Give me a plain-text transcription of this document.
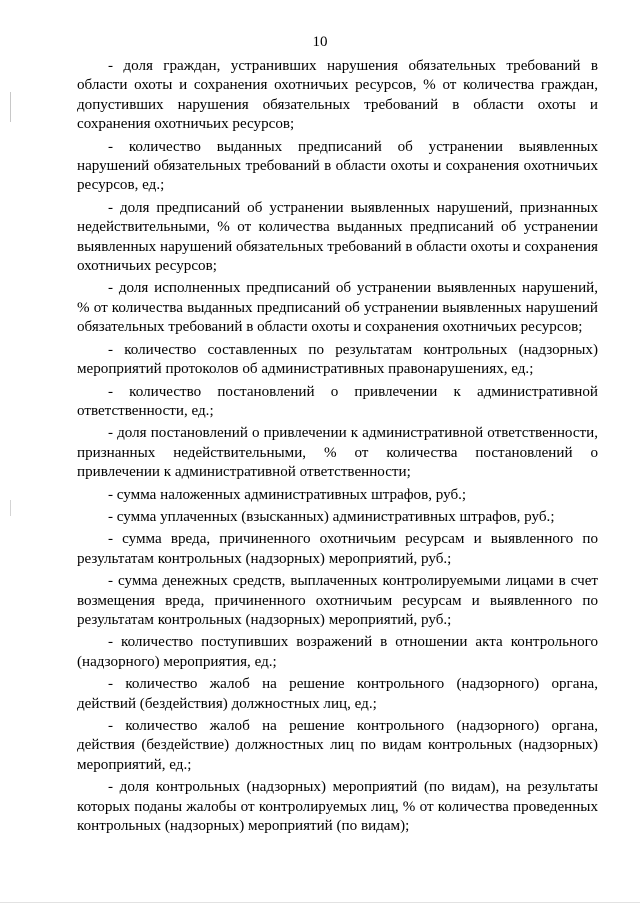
10

- доля граждан, устранивших нарушения обязательных требований в области охоты и сохранения охотничьих ресурсов, % от количества граждан, допустивших нарушения обязательных требований в области охоты и сохранения охотничьих ресурсов;

- количество выданных предписаний об устранении выявленных нарушений обязательных требований в области охоты и сохранения охотничьих ресурсов, ед.;

- доля предписаний об устранении выявленных нарушений, признанных недействительными, % от количества выданных предписаний об устранении выявленных нарушений обязательных требований в области охоты и сохранения охотничьих ресурсов;

- доля исполненных предписаний об устранении выявленных нарушений, % от количества выданных предписаний об устранении выявленных нарушений обязательных требований в области охоты и сохранения охотничьих ресурсов;

- количество составленных по результатам контрольных (надзорных) мероприятий протоколов об административных правонарушениях, ед.;

- количество постановлений о привлечении к административной ответственности, ед.;

- доля постановлений о привлечении к административной ответственности, признанных недействительными, % от количества постановлений о привлечении к административной ответственности;

- сумма наложенных административных штрафов, руб.;

- сумма уплаченных (взысканных) административных штрафов, руб.;

- сумма вреда, причиненного охотничьим ресурсам и выявленного по результатам контрольных (надзорных) мероприятий, руб.;

- сумма денежных средств, выплаченных контролируемыми лицами в счет возмещения вреда, причиненного охотничьим ресурсам и выявленного по результатам контрольных (надзорных) мероприятий, руб.;

- количество поступивших возражений в отношении акта контрольного (надзорного) мероприятия, ед.;

- количество жалоб на решение контрольного (надзорного) органа, действий (бездействия) должностных лиц, ед.;

- количество жалоб на решение контрольного (надзорного) органа, действия (бездействие) должностных лиц по видам контрольных (надзорных) мероприятий, ед.;

- доля контрольных (надзорных) мероприятий (по видам), на результаты которых поданы жалобы от контролируемых лиц, % от количества проведенных контрольных (надзорных) мероприятий (по видам);
